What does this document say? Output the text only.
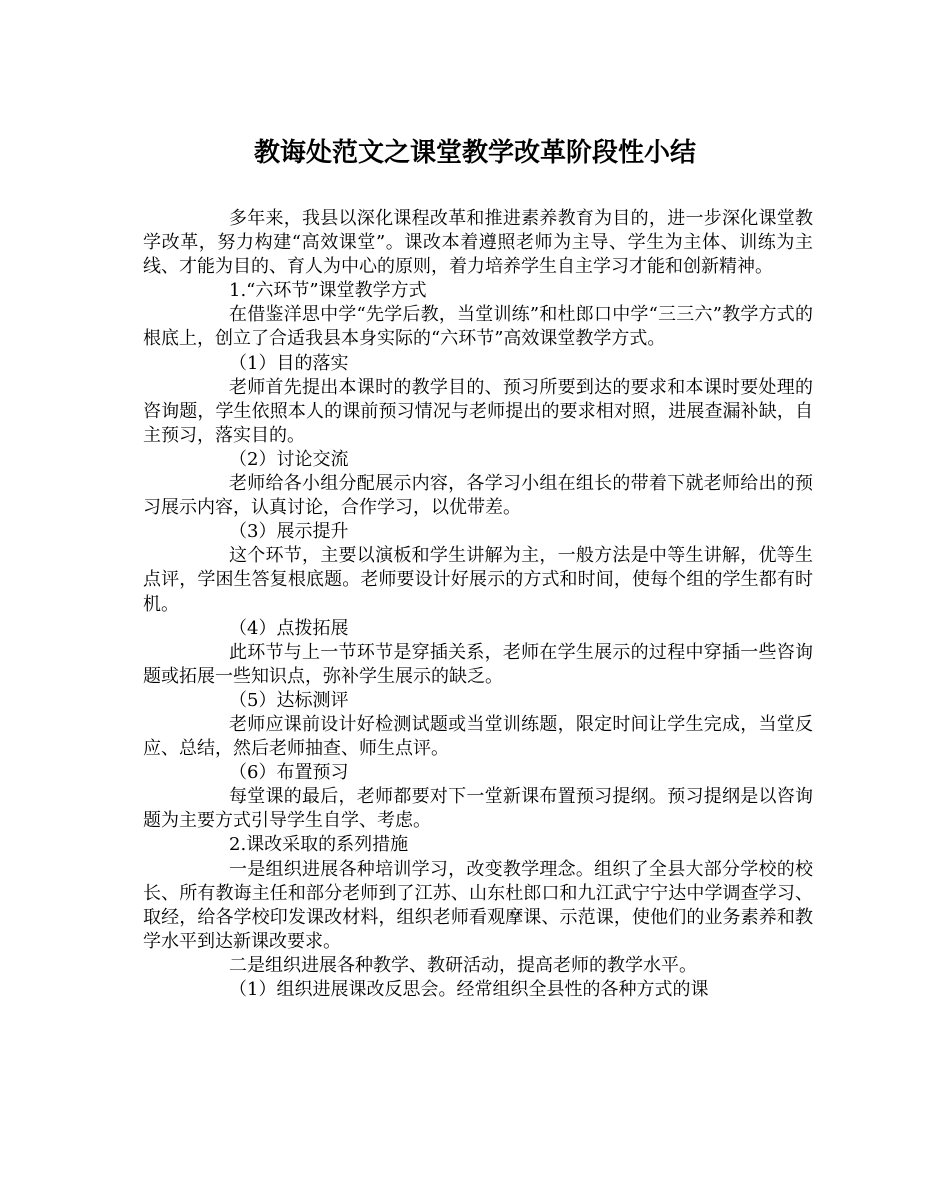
教诲处范文之课堂教学改革阶段性小结
多年来，我县以深化课程改革和推进素养教育为目的，进一步深化课堂教学改革，努力构建“高效课堂”。课改本着遵照老师为主导、学生为主体、训练为主线、才能为目的、育人为中心的原则，着力培养学生自主学习才能和创新精神。
1.“六环节”课堂教学方式
在借鉴洋思中学“先学后教，当堂训练”和杜郎口中学“三三六”教学方式的根底上，创立了合适我县本身实际的“六环节”高效课堂教学方式。
（1）目的落实
老师首先提出本课时的教学目的、预习所要到达的要求和本课时要处理的咨询题，学生依照本人的课前预习情况与老师提出的要求相对照，进展查漏补缺，自主预习，落实目的。
（2）讨论交流
老师给各小组分配展示内容，各学习小组在组长的带着下就老师给出的预习展示内容，认真讨论，合作学习，以优带差。
（3）展示提升
这个环节，主要以演板和学生讲解为主，一般方法是中等生讲解，优等生点评，学困生答复根底题。老师要设计好展示的方式和时间，使每个组的学生都有时机。
（4）点拨拓展
此环节与上一节环节是穿插关系，老师在学生展示的过程中穿插一些咨询题或拓展一些知识点，弥补学生展示的缺乏。
（5）达标测评
老师应课前设计好检测试题或当堂训练题，限定时间让学生完成，当堂反应、总结，然后老师抽查、师生点评。
（6）布置预习
每堂课的最后，老师都要对下一堂新课布置预习提纲。预习提纲是以咨询题为主要方式引导学生自学、考虑。
2.课改采取的系列措施
一是组织进展各种培训学习，改变教学理念。组织了全县大部分学校的校长、所有教诲主任和部分老师到了江苏、山东杜郎口和九江武宁宁达中学调查学习、取经，给各学校印发课改材料，组织老师看观摩课、示范课，使他们的业务素养和教学水平到达新课改要求。
二是组织进展各种教学、教研活动，提高老师的教学水平。
（1）组织进展课改反思会。经常组织全县性的各种方式的课
